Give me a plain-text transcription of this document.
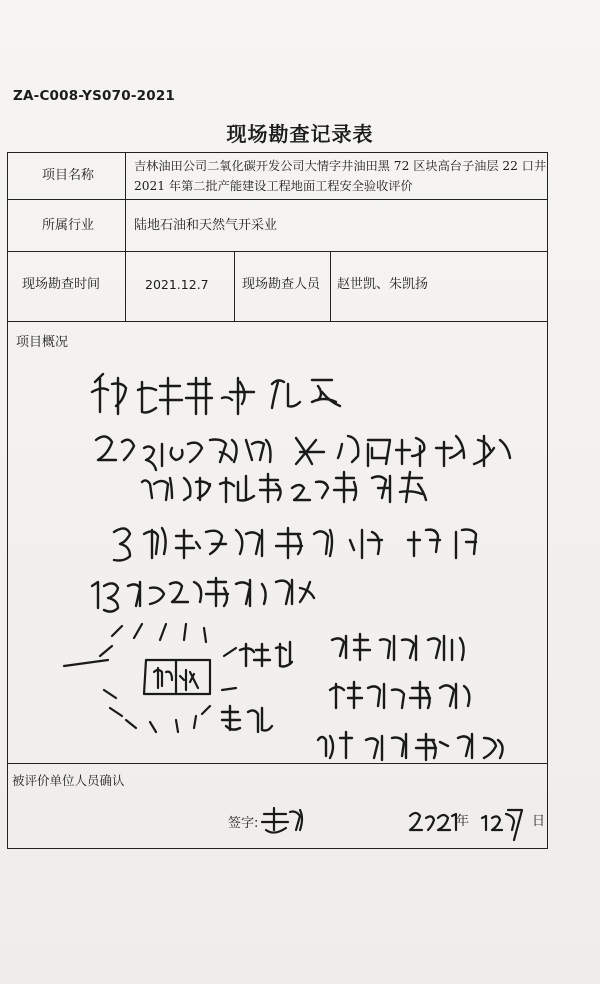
ZA-C008-YS070-2021
现场勘查记录表
项目名称
吉林油田公司二氧化碳开发公司大情字井油田黑 72 区块高台子油层 22 口井
2021 年第二批产能建设工程地面工程安全验收评价
所属行业	陆地石油和天然气开采业
现场勘查时间	2021.12.7	现场勘查人员 赵世凯、朱凯扬
项目概况
被评价单位人员确认
签字:	年	日
